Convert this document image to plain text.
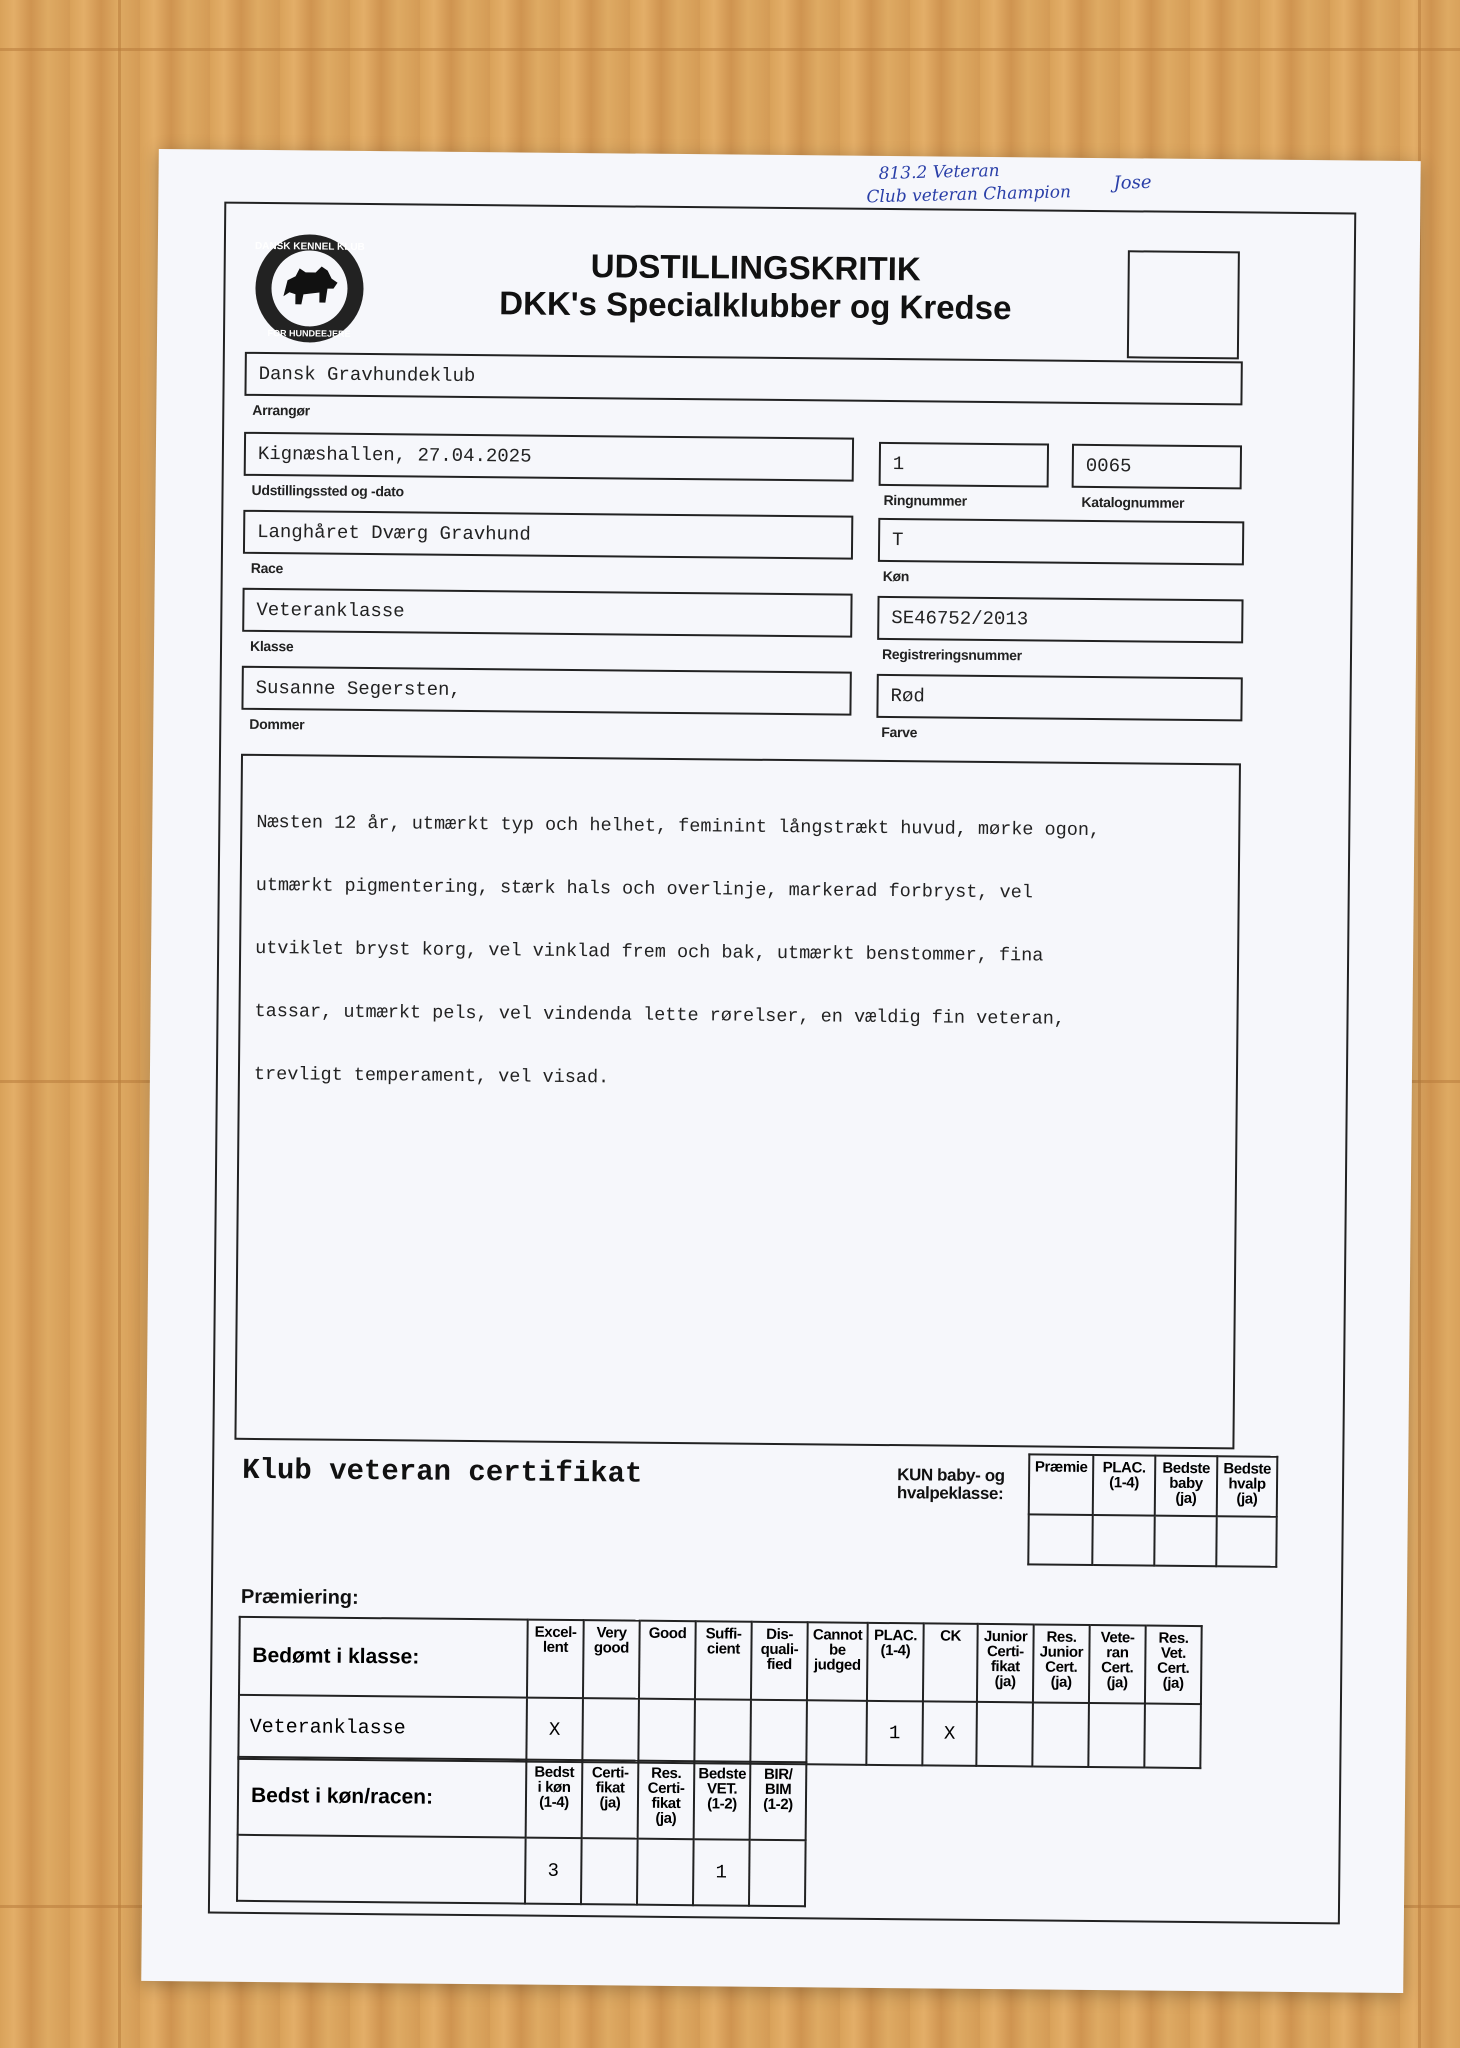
813.2 Veteran
Club veteran Champion Jose
DANSK KENNEL KLUB
FOR HUNDEEJERE
UDSTILLINGSKRITIK
DKK's Specialklubber og Kredse
Dansk Gravhundeklub
Arrangør
Kignæshallen, 27.04.2025
Udstillingssted og -dato
1
Ringnummer
0065
Katalognummer
Langhåret Dværg Gravhund
Race
T
Køn
Veteranklasse
Klasse
SE46752/2013
Registreringsnummer
Susanne Segersten,
Dommer
Rød
Farve

Næsten 12 år, utmærkt typ och helhet, feminint långstrækt huvud, mørke ogon,

utmærkt pigmentering, stærk hals och overlinje, markerad forbryst, vel

utviklet bryst korg, vel vinklad frem och bak, utmærkt benstommer, fina

tassar, utmærkt pels, vel vindenda lette rørelser, en vældig fin veteran,

trevligt temperament, vel visad.

Klub veteran certifikat	KUN baby- og
hvalpeklasse:
Præmie	PLAC.
(1-4)	Bedste
baby
(ja)	Bedste
hvalp
(ja)

Præmiering:
Bedømt i klasse:	Excel-
lent	Very
good	Good	Suffi-
cient	Dis-
quali-
fied	Cannot
be
judged	PLAC.
(1-4)	CK	Junior
Certi-
fikat
(ja)	Res.
Junior
Cert.
(ja)	Vete-
ran
Cert.
(ja)	Res.
Vet.
Cert.
(ja)
Veteranklasse	X						1	X				
Bedst i køn/racen:	Bedst
i køn
(1-4)	Certi-
fikat
(ja)	Res.
Certi-
fikat
(ja)	Bedste
VET.
(1-2)	BIR/
BIM
(1-2)
	3			1	
